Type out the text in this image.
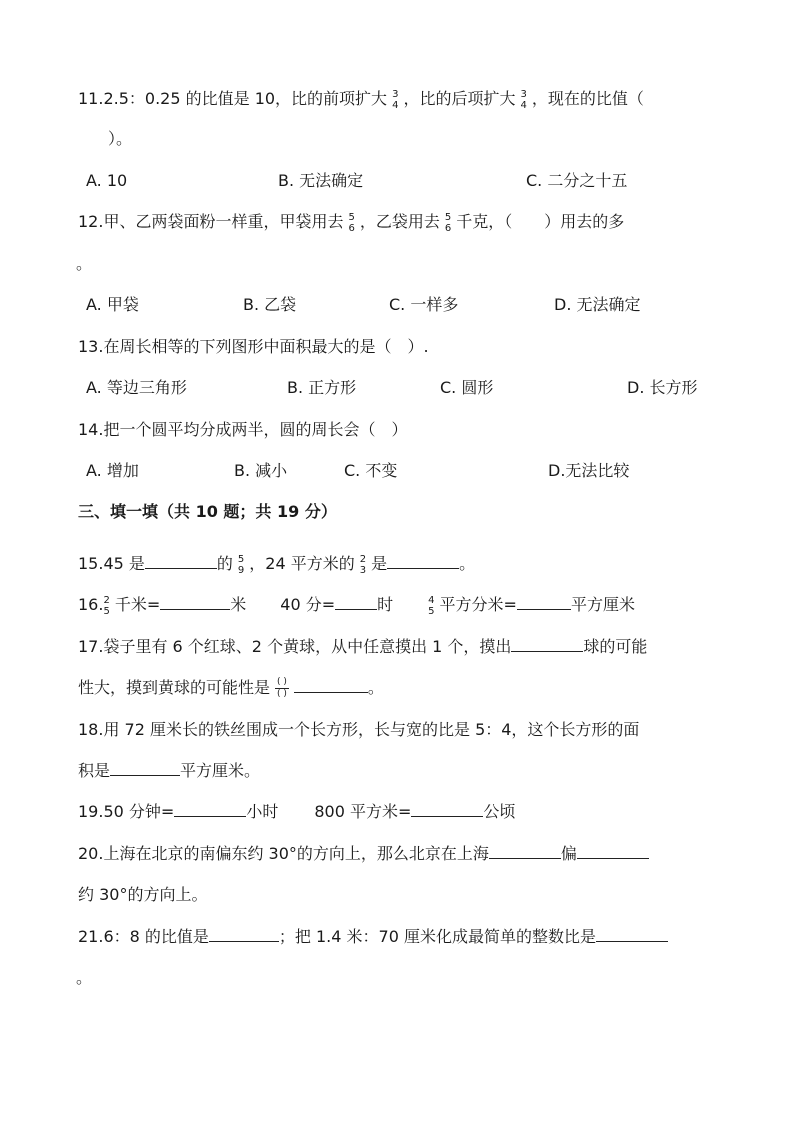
11.2.5：0.25 的比值是 10，比的前项扩大 3
4 ，比的后项扩大 3
4 ，现在的比值（
）。
A. 10	B. 无法确定	C. 二分之十五
12.甲、乙两袋面粉一样重，甲袋用去 5
6 ，乙袋用去 5
6 千克，（　　）用去的多
。
A. 甲袋	B. 乙袋	C. 一样多	D. 无法确定
13.在周长相等的下列图形中面积最大的是（　）.
A. 等边三角形	B. 正方形	C. 圆形	D. 长方形
14.把一个圆平均分成两半，圆的周长会（　）
A. 增加	B. 减小	C. 不变	D.无法比较
三、填一填（共 10 题；共 19 分）
15.45 是	的 5
9 ，24 平方米的 2
3 是	。
16. 2
5 千米=	米 40 分=	时	4
5 平方分米=	平方厘米
17.袋子里有 6 个红球、2 个黄球，从中任意摸出 1 个，摸出	球的可能
性大，摸到黄球的可能性是 $\frac{( )}{( )}$	。
18.用 72 厘米长的铁丝围成一个长方形，长与宽的比是 5：4，这个长方形的面
积是	平方厘米。
19.50 分钟=	小时 800 平方米=	公顷
20.上海在北京的南偏东约 30°的方向上，那么北京在上海	偏
约 30°的方向上。
21.6：8 的比值是	；把 1.4 米：70 厘米化成最简单的整数比是
。
